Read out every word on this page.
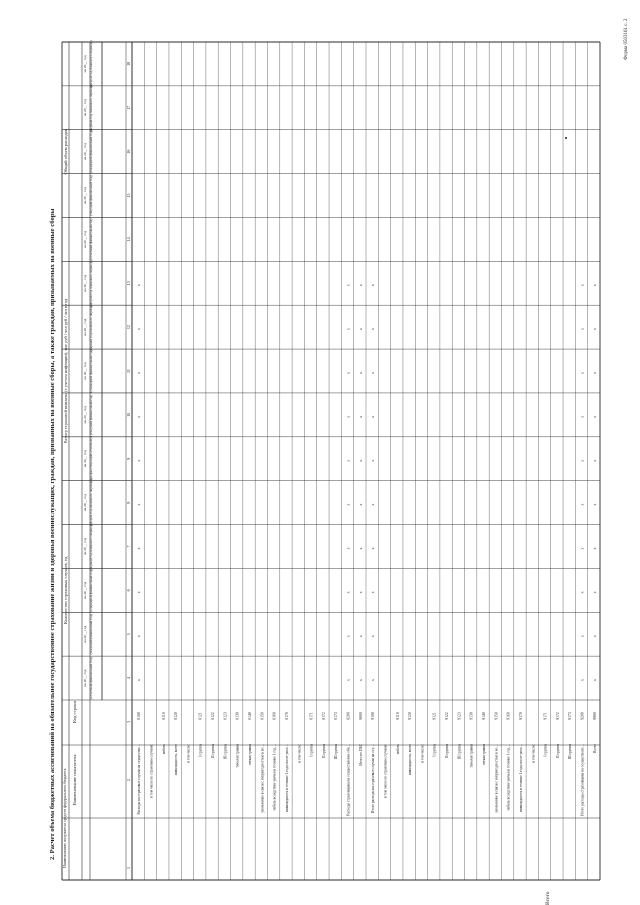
Форма 0503161 с. 2
2. Расчет объема бюджетных ассигнований на обязательное государственное страхование жизни и здоровья военнослужащих, граждан, призванных на военные сборы, а также граждан, призываемых на военные сборы
Всего
Расходы на страховые случаи на осуществл…
0100
x
x
x
x
x
x
x
x
x
x
в том числе по страховым случаям: гибель
0110
инвалидность, всего
0120
в том числе: I группа
0121
II группа
0122
III группа
0123
тяжелая травма
0130
легкая травма
0140
увольнение в связи с непригодностью к во…
0150
гибель вследствие увечья в течение 1 год…
0160
инвалидность в течение 1 года после увол…
0170
в том числе: I группа
0171
II группа
0172
III группа
0173
Расходы страховщика на осуществление обя…
0200
x
x
x
x
x
x
x
x
x
x
Итого по ПБС
9000
x
x
x
x
x
x
x
x
x
x
Итого расходы на страховые случаи на осу…
9100
x
x
x
x
x
x
x
x
x
x
в том числе по страховым случаям: гибель
9110
инвалидность, всего
9120
в том числе: I группа
9121
II группа
9122
III группа
9123
тяжелая травма
9130
легкая травма
9140
увольнение в связи с непригодностью к во…
9150
гибель вследствие увечья в течение 1 год…
9160
инвалидность в течение 1 года после увол…
9170
в том числе: I группа
9171
II группа
9172
III группа
9173
Итого расходы страховщика на осуществлен…
9200
x
x
x
x
x
x
x
x
x
x
Всего
9900
x
x
x
x
x
x
x
x
x
x
Наименование получателя средств федерального бюджета Наименование показателя
Код строки
Количество страховых случаев, ед
Размер страховой выплаты (с учетом инфляции), тыс руб / чел руб / чел в год
Общий объем расходов
на 20__ год (отчетный финансовый год)
на 20__ год (текущий финансовый год)
на 20__ год (очередной финансовый год)
на 20__ год (первый год планового периода)
на 20__ год (второй год планового периода)
на 20__ год (предшествующий отчетному)
на 20__ год (текущий финансовый год)
на 20__ год (очередной финансовый год)
на 20__ год (первый год планового периода)
на 20__ год (второй год планового периода)
на 20__ год (отчетный финансовый год)
на 20__ год (текущий финансовый год)
на 20__ год (очередной финансовый год)
на 20__ год (первый год планового периода)
на 20__ год (второй год планового периода)
1
2
3
4
5
6
7
8
9
10
11
12
13
14
15
16
17
18
